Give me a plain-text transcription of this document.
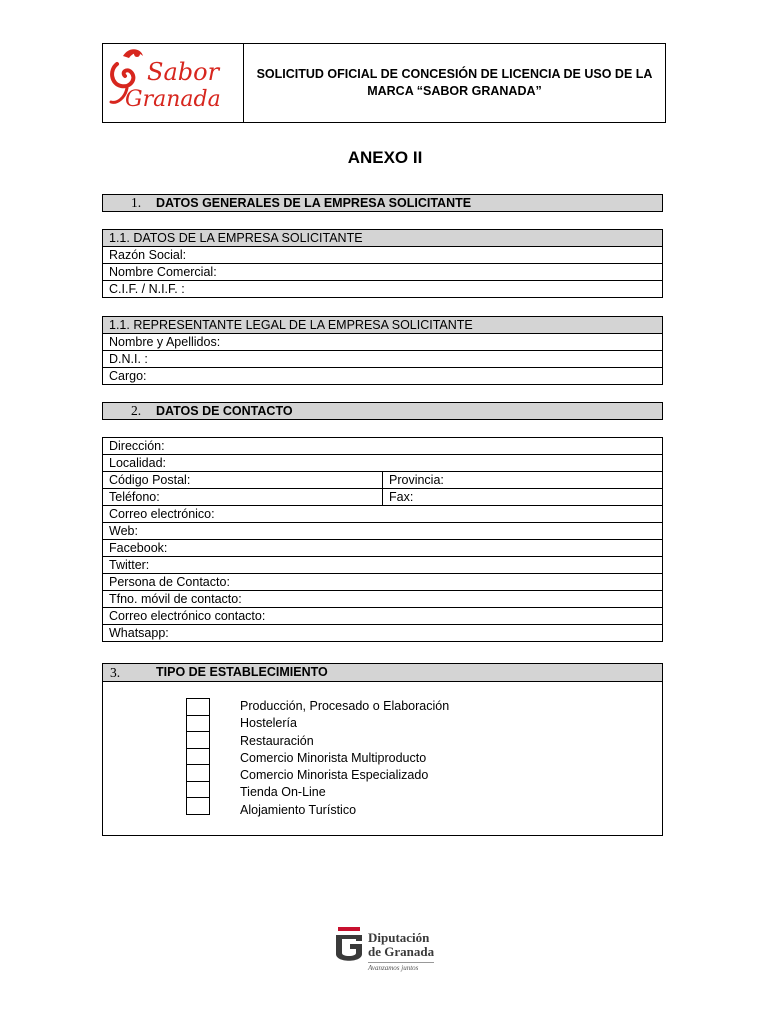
Sabor
Granada
SOLICITUD OFICIAL DE CONCESIÓN DE LICENCIA DE USO DE LA
MARCA “SABOR GRANADA”
ANEXO II
1. DATOS GENERALES DE LA EMPRESA SOLICITANTE
1.1. DATOS DE LA EMPRESA SOLICITANTE
Razón Social:
Nombre Comercial:
C.I.F. / N.I.F. :
1.1. REPRESENTANTE LEGAL DE LA EMPRESA SOLICITANTE
Nombre y Apellidos:
D.N.I. :
Cargo:
2. DATOS DE CONTACTO
Dirección:	
Localidad:	
Código Postal:	Provincia:
Teléfono:	Fax:
Correo electrónico:	
Web:	
Facebook:	
Twitter:	
Persona de Contacto:	
Tfno. móvil de contacto:	
Correo electrónico contacto:	
Whatsapp:	
3.	TIPO DE ESTABLECIMIENTO
Producción, Procesado o Elaboración
Hostelería
Restauración
Comercio Minorista Multiproducto
Comercio Minorista Especializado
Tienda On-Line
Alojamiento Turístico
Diputación
de Granada
Avanzamos juntos
